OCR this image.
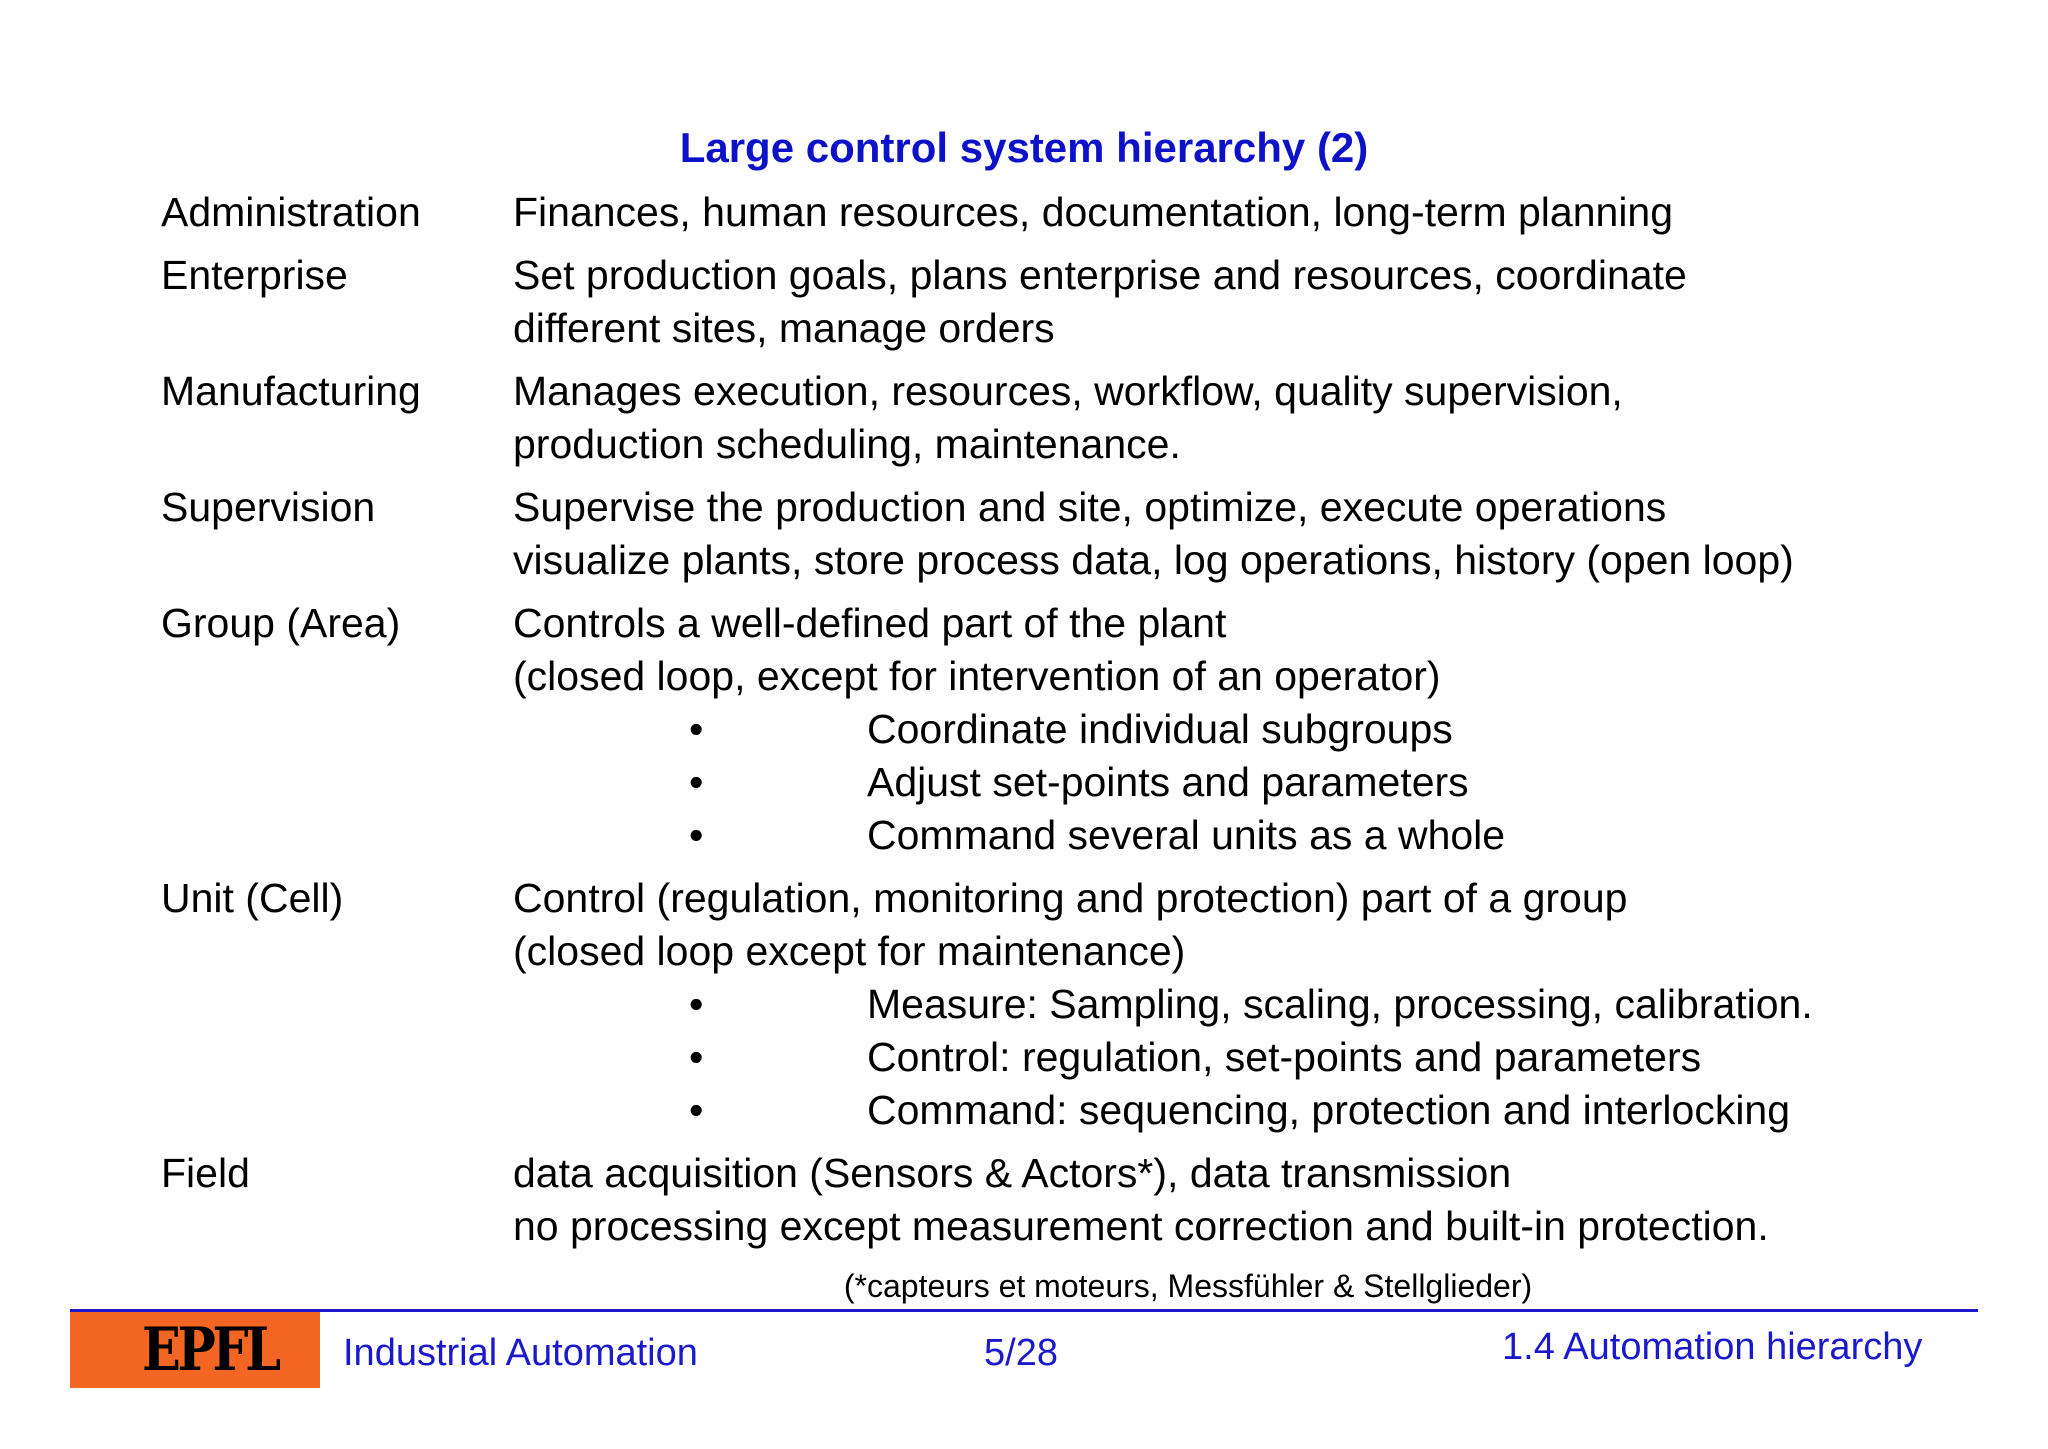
Large control system hierarchy (2)
Administration	Finances, human resources, documentation, long-term planning
Enterprise	Set production goals, plans enterprise and resources, coordinate
different sites, manage orders
Manufacturing	Manages execution, resources, workflow, quality supervision,
production scheduling, maintenance.
Supervision	Supervise the production and site, optimize, execute operations
visualize plants, store process data, log operations, history (open loop)
Group (Area)	Controls a well-defined part of the plant
(closed loop, except for intervention of an operator)
•	Coordinate individual subgroups
•	Adjust set-points and parameters
•	Command several units as a whole
Unit (Cell)	Control (regulation, monitoring and protection) part of a group
(closed loop except for maintenance)
•	Measure: Sampling, scaling, processing, calibration.
•	Control: regulation, set-points and parameters
•	Command: sequencing, protection and interlocking
Field	data acquisition (Sensors & Actors*), data transmission
no processing except measurement correction and built-in protection.
(*capteurs et moteurs, Messfühler & Stellglieder)
EPFL Industrial Automation	5/28	1.4 Automation hierarchy
